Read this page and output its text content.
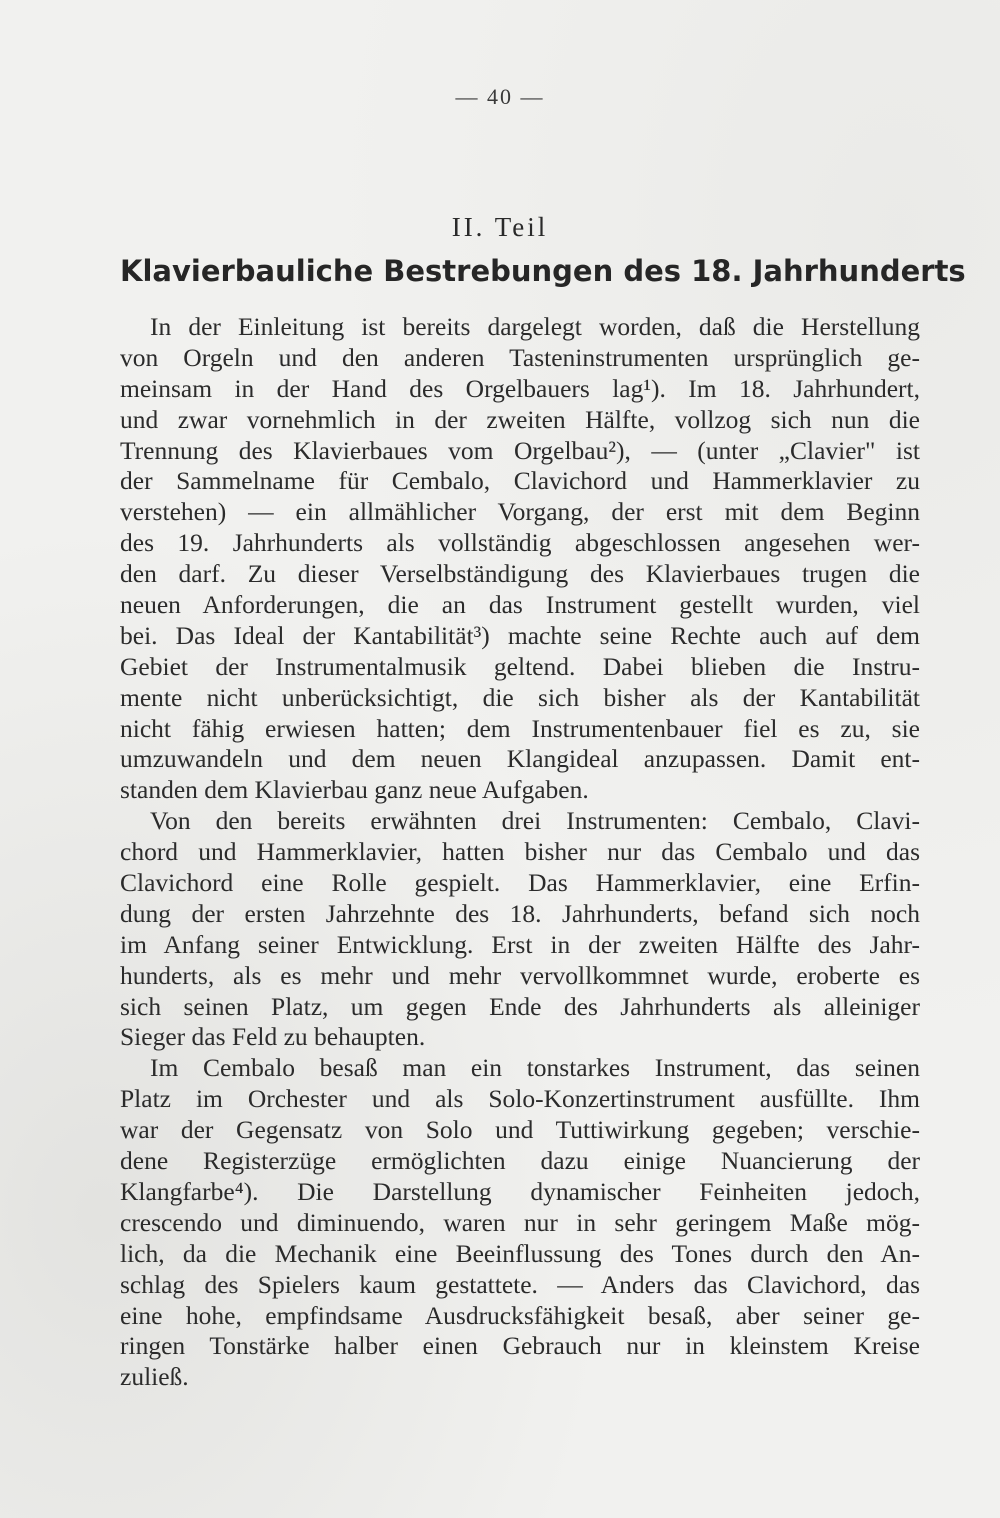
— 40 —
II. Teil
Klavierbauliche Bestrebungen des 18. Jahrhunderts
In der Einleitung ist bereits dargelegt worden, daß die Herstellung
von Orgeln und den anderen Tasteninstrumenten ursprünglich ge-
meinsam in der Hand des Orgelbauers lag¹). Im 18. Jahrhundert,
und zwar vornehmlich in der zweiten Hälfte, vollzog sich nun die
Trennung des Klavierbaues vom Orgelbau²), — (unter „Clavier" ist
der Sammelname für Cembalo, Clavichord und Hammerklavier zu
verstehen) — ein allmählicher Vorgang, der erst mit dem Beginn
des 19. Jahrhunderts als vollständig abgeschlossen angesehen wer-
den darf. Zu dieser Verselbständigung des Klavierbaues trugen die
neuen Anforderungen, die an das Instrument gestellt wurden, viel
bei. Das Ideal der Kantabilität³) machte seine Rechte auch auf dem
Gebiet der Instrumentalmusik geltend. Dabei blieben die Instru-
mente nicht unberücksichtigt, die sich bisher als der Kantabilität
nicht fähig erwiesen hatten; dem Instrumentenbauer fiel es zu, sie
umzuwandeln und dem neuen Klangideal anzupassen. Damit ent-
standen dem Klavierbau ganz neue Aufgaben.
Von den bereits erwähnten drei Instrumenten: Cembalo, Clavi-
chord und Hammerklavier, hatten bisher nur das Cembalo und das
Clavichord eine Rolle gespielt. Das Hammerklavier, eine Erfin-
dung der ersten Jahrzehnte des 18. Jahrhunderts, befand sich noch
im Anfang seiner Entwicklung. Erst in der zweiten Hälfte des Jahr-
hunderts, als es mehr und mehr vervollkommnet wurde, eroberte es
sich seinen Platz, um gegen Ende des Jahrhunderts als alleiniger
Sieger das Feld zu behaupten.
Im Cembalo besaß man ein tonstarkes Instrument, das seinen
Platz im Orchester und als Solo-Konzertinstrument ausfüllte. Ihm
war der Gegensatz von Solo und Tuttiwirkung gegeben; verschie-
dene Registerzüge ermöglichten dazu einige Nuancierung der
Klangfarbe⁴). Die Darstellung dynamischer Feinheiten jedoch,
crescendo und diminuendo, waren nur in sehr geringem Maße mög-
lich, da die Mechanik eine Beeinflussung des Tones durch den An-
schlag des Spielers kaum gestattete. — Anders das Clavichord, das
eine hohe, empfindsame Ausdrucksfähigkeit besaß, aber seiner ge-
ringen Tonstärke halber einen Gebrauch nur in kleinstem Kreise
zuließ.
